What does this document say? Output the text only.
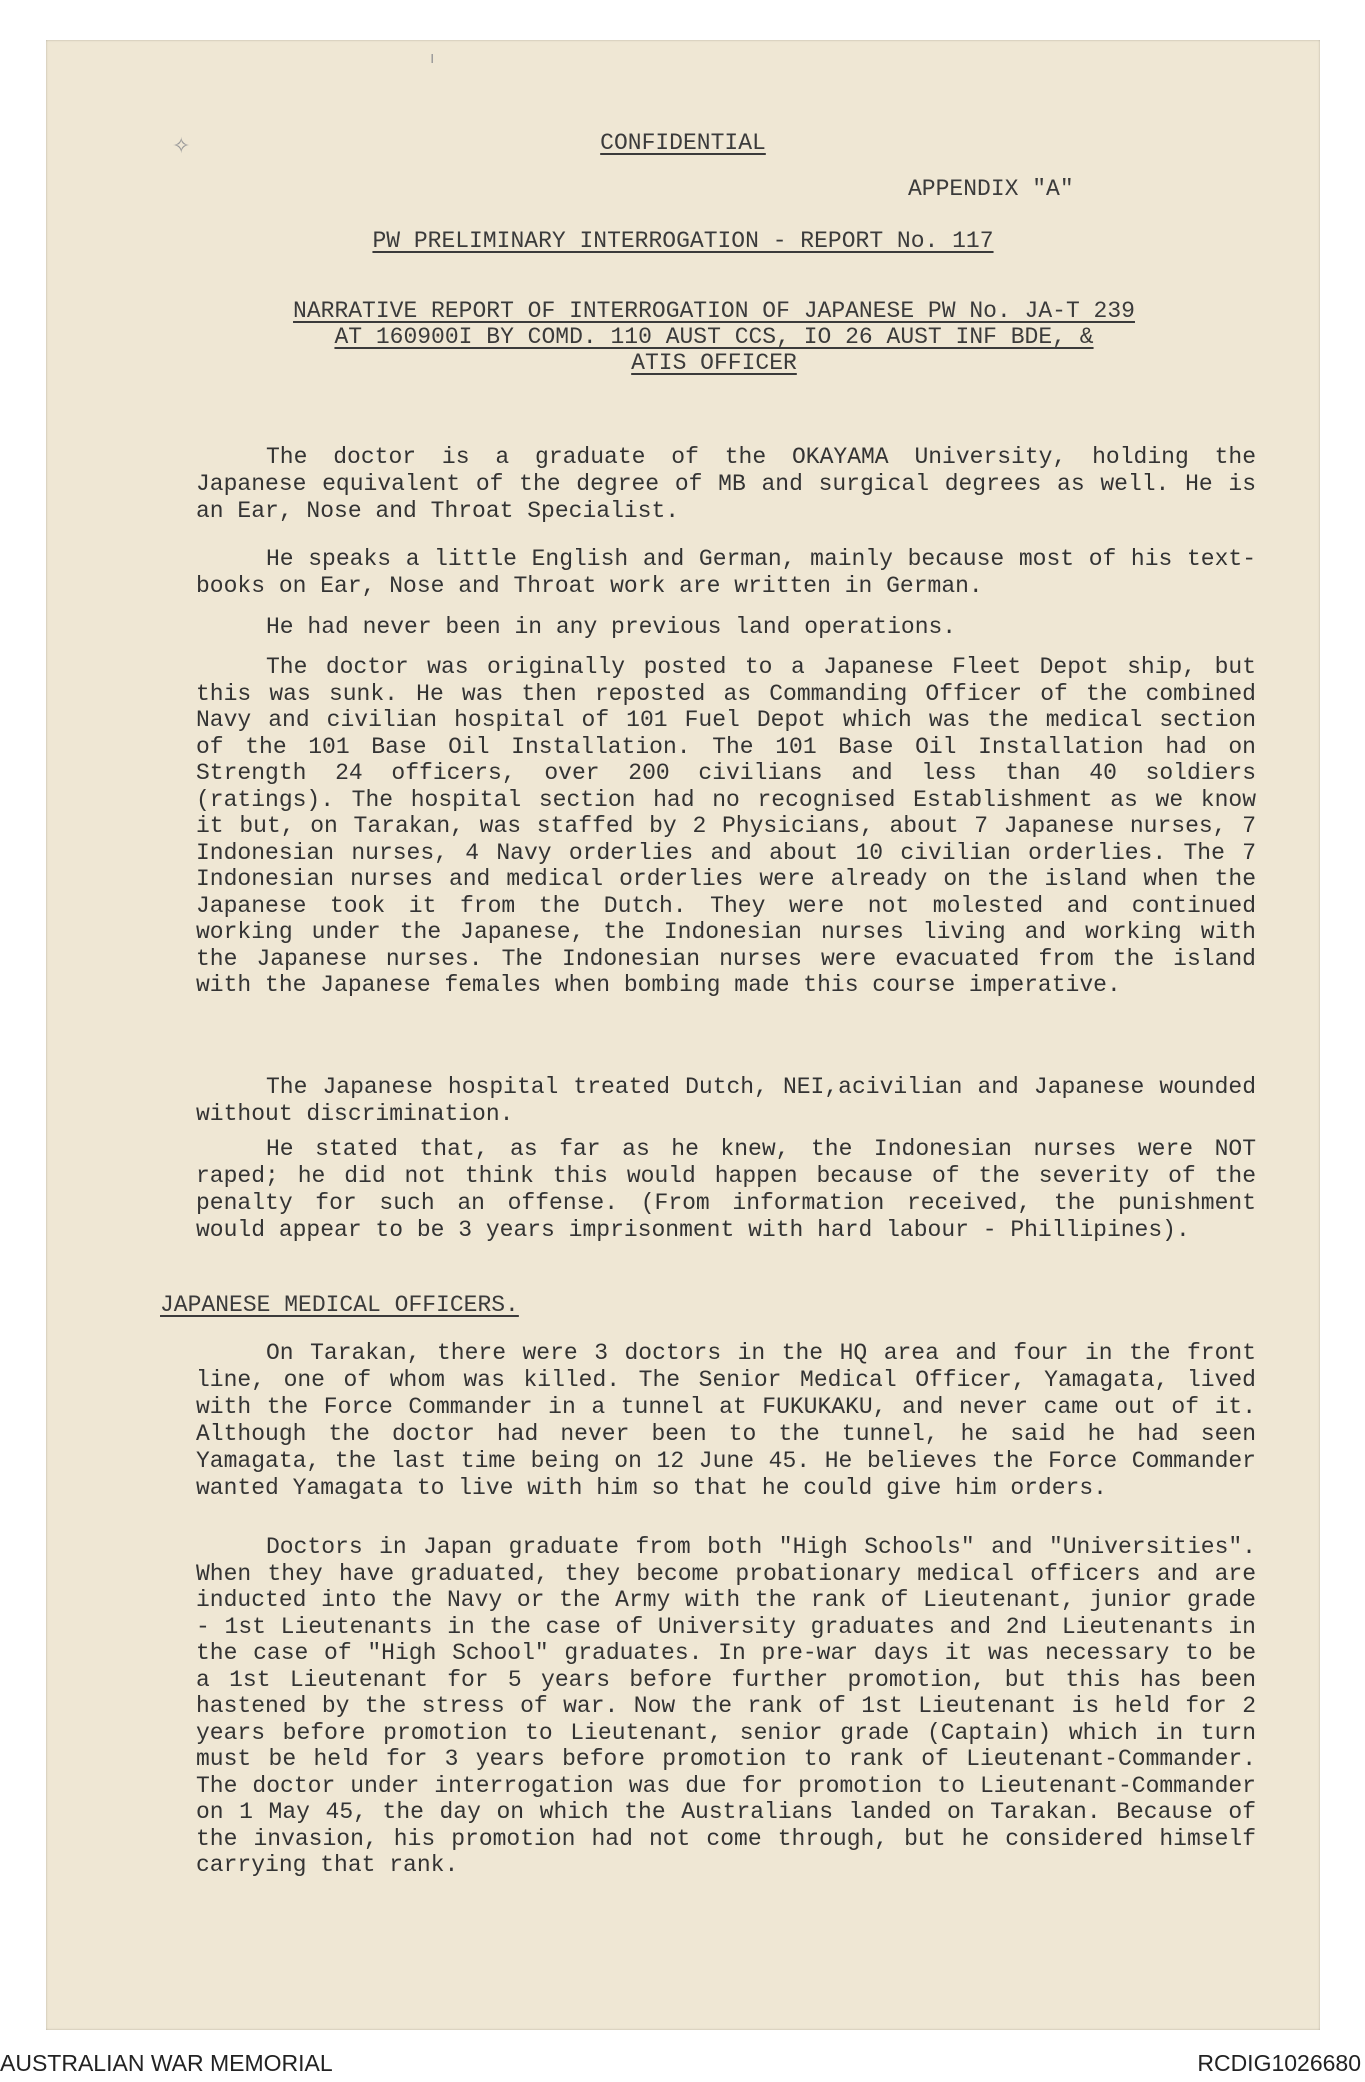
✧
ı
CONFIDENTIAL
APPENDIX "A"
PW PRELIMINARY INTERROGATION - REPORT No. 117
NARRATIVE REPORT OF INTERROGATION OF JAPANESE PW No. JA-T 239
AT 160900I BY COMD. 110 AUST CCS, IO 26 AUST INF BDE, &
ATIS OFFICER
The doctor is a graduate of the OKAYAMA University, holding the Japanese equivalent of the degree of MB and surgical degrees as well. He is an Ear, Nose and Throat Specialist.
He speaks a little English and German, mainly because most of his text-books on Ear, Nose and Throat work are written in German.
He had never been in any previous land operations.
The doctor was originally posted to a Japanese Fleet Depot ship, but this was sunk. He was then reposted as Commanding Officer of the combined Navy and civilian hospital of 101 Fuel Depot which was the medical section of the 101 Base Oil Installation. The 101 Base Oil Installation had on Strength 24 officers, over 200 civilians and less than 40 soldiers (ratings). The hospital section had no recognised Establishment as we know it but, on Tarakan, was staffed by 2 Physicians, about 7 Japanese nurses, 7 Indonesian nurses, 4 Navy orderlies and about 10 civilian orderlies. The 7 Indonesian nurses and medical orderlies were already on the island when the Japanese took it from the Dutch. They were not molested and continued working under the Japanese, the Indonesian nurses living and working with the Japanese nurses. The Indonesian nurses were evacuated from the island with the Japanese females when bombing made this course imperative.
The Japanese hospital treated Dutch, NEI,acivilian and Japanese wounded without discrimination.
He stated that, as far as he knew, the Indonesian nurses were NOT raped; he did not think this would happen because of the severity of the penalty for such an offense. (From information received, the punishment would appear to be 3 years imprisonment with hard labour - Phillipines).
JAPANESE MEDICAL OFFICERS.
On Tarakan, there were 3 doctors in the HQ area and four in the front line, one of whom was killed. The Senior Medical Officer, Yamagata, lived with the Force Commander in a tunnel at FUKUKAKU, and never came out of it. Although the doctor had never been to the tunnel, he said he had seen Yamagata, the last time being on 12 June 45. He believes the Force Commander wanted Yamagata to live with him so that he could give him orders.
Doctors in Japan graduate from both "High Schools" and "Universities". When they have graduated, they become probationary medical officers and are inducted into the Navy or the Army with the rank of Lieutenant, junior grade - 1st Lieutenants in the case of University graduates and 2nd Lieutenants in the case of "High School" graduates. In pre-war days it was necessary to be a 1st Lieutenant for 5 years before further promotion, but this has been hastened by the stress of war. Now the rank of 1st Lieutenant is held for 2 years before promotion to Lieutenant, senior grade (Captain) which in turn must be held for 3 years before promotion to rank of Lieutenant-Commander. The doctor under interrogation was due for promotion to Lieutenant-Commander on 1 May 45, the day on which the Australians landed on Tarakan. Because of the invasion, his promotion had not come through, but he considered himself carrying that rank.
AUSTRALIAN WAR MEMORIAL	RCDIG1026680
